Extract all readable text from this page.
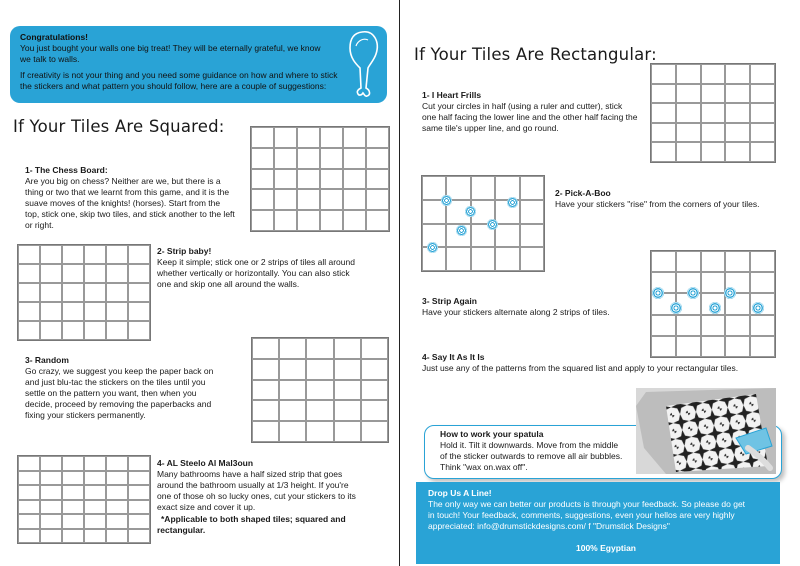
Congratulations!
You just bought your walls one big treat! They will be eternally grateful, we know
we talk to walls.
If creativity is not your thing and you need some guidance on how and where to stick
the stickers and what pattern you should follow, here are a couple of suggestions:
If Your Tiles Are Squared:
1- The Chess Board:
Are you big on chess? Neither are we, but there is a
thing or two that we learnt from this game, and it is the
suave moves of the knights! (horses). Start from the
top, stick one, skip two tiles, and stick another to the left
or right.
2- Strip baby!
Keep it simple; stick one or 2 strips of tiles all around
whether vertically or horizontally. You can also stick
one and skip one all around the walls.
3- Random
Go crazy, we suggest you keep the paper back on
and just blu-tac the stickers on the tiles until you
settle on the pattern you want, then when you
decide, proceed by removing the paperbacks and
fixing your stickers permanently.
4- AL Steelo Al Mal3oun
Many bathrooms have a half sized strip that goes
around the bathroom usually at 1/3 height. If you're
one of those oh so lucky ones, cut your stickers to its
exact size and cover it up.
*Applicable to both shaped tiles; squared and
rectangular.
If Your Tiles Are Rectangular:
1- I Heart Frills
Cut your circles in half (using a ruler and cutter), stick
one half facing the lower line and the other half facing the
same tile's upper line, and go round.
2- Pick-A-Boo
Have your stickers "rise" from the corners of your tiles.
3- Strip Again
Have your stickers alternate along 2 strips of tiles.
4- Say It As It Is
Just use any of the patterns from the squared list and apply to your rectangular tiles.
How to work your spatula
Hold it. Tilt it downwards. Move from the middle
of the sticker outwards to remove all air bubbles.
Think "wax on.wax off".
Drop Us A Line!
The only way we can better our products is through your feedback. So please do get
in touch! Your feedback, comments, suggestions, even your hellos are very highly
appreciated: info@drumstickdesigns.com/ f "Drumstick Designs"
100% Egyptian
